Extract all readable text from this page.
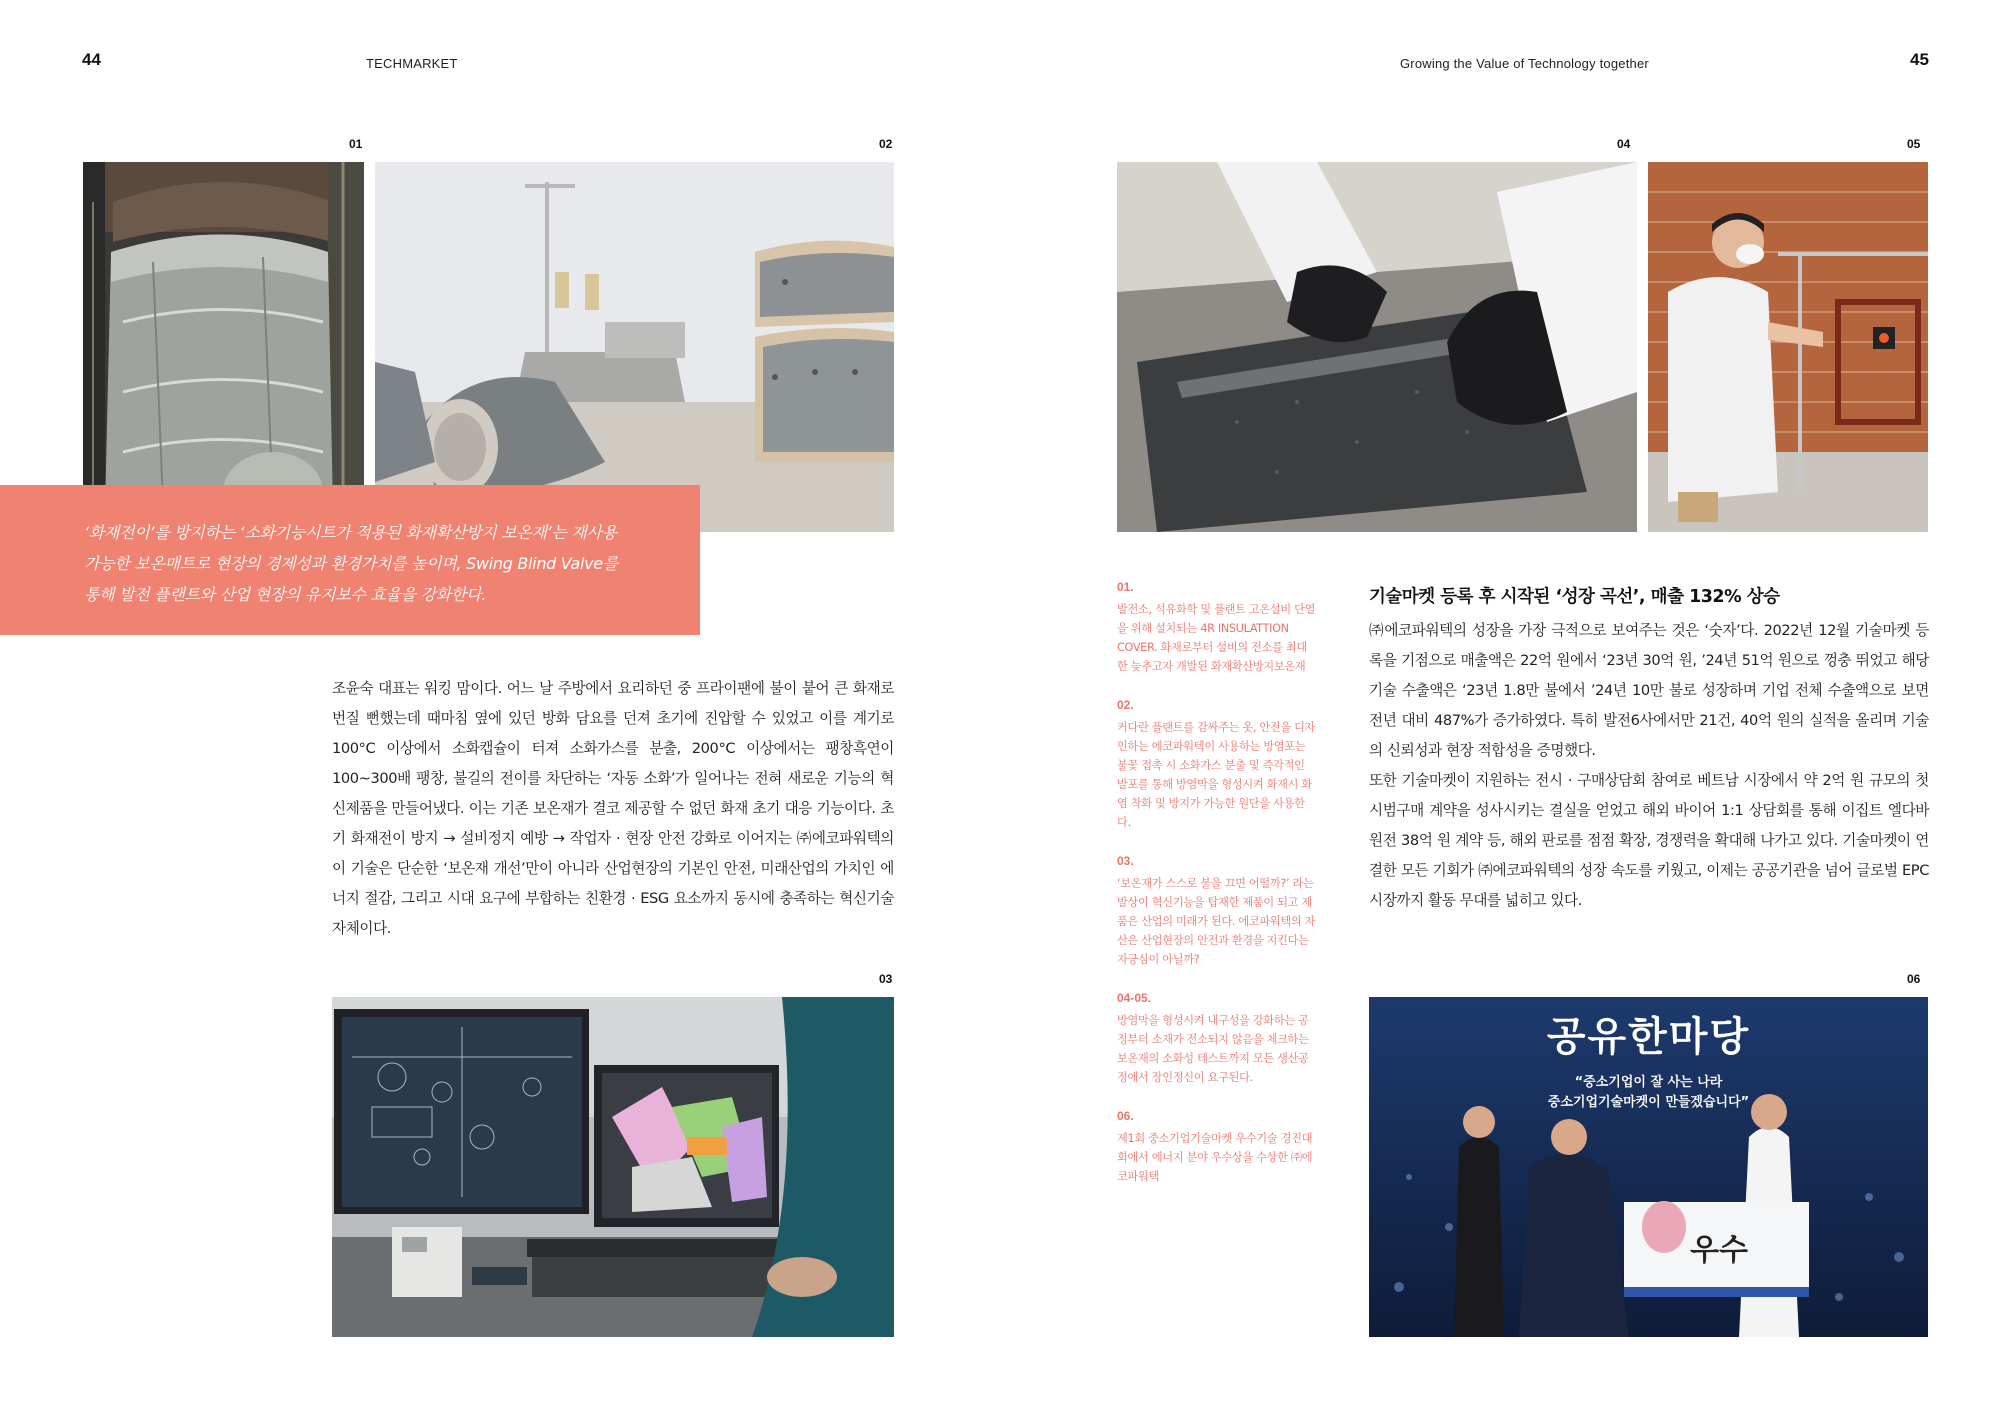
44	TECHMARKET	Growing the Value of Technology together	45
01	02

‘화재전이’를 방지하는 ‘소화기능시트가 적용된 화재확산방지 보온재’는 재사용

가능한 보온매트로 현장의 경제성과 환경가치를 높이며, Swing Blind Valve를

통해 발전 플랜트와 산업 현장의 유지보수 효율을 강화한다.

조윤숙 대표는 워킹 맘이다. 어느 날 주방에서 요리하던 중 프라이팬에 불이 붙어 큰 화재로 번질 뻔했는데 때마침 옆에 있던 방화 담요를 던져 초기에 진압할 수 있었고 이를 계기로 100°C 이상에서 소화캡슐이 터져 소화가스를 분출, 200°C 이상에서는 팽창흑연이 100~300배 팽창, 불길의 전이를 차단하는 ‘자동 소화’가 일어나는 전혀 새로운 기능의 혁신제품을 만들어냈다. 이는 기존 보온재가 결코 제공할 수 없던 화재 초기 대응 기능이다. 초기 화재전이 방지 → 설비정지 예방 → 작업자 · 현장 안전 강화로 이어지는 ㈜에코파워텍의 이 기술은 단순한 ‘보온재 개선’만이 아니라 산업현장의 기본인 안전, 미래산업의 가치인 에너지 절감, 그리고 시대 요구에 부합하는 친환경 · ESG 요소까지 동시에 충족하는 혁신기술 자체이다.

03
01.
발전소, 석유화학 및 플랜트 고온설비 단열을 위해 설치되는 4R INSULATTION COVER. 화재로부터 설비의 전소를 최대한 늦추고자 개발된 화재확산방지보온재
02.
커다란 플랜트를 감싸주는 옷, 안전을 디자인하는 에코파워텍이 사용하는 방염포는 불꽃 접촉 시 소화가스 분출 및 즉각적인 발포를 통해 방염막을 형성시켜 화재시 화염 착화 및 방지가 가능한 원단을 사용한다.
03.
‘보온재가 스스로 불을 끄면 어떨까?’ 라는 발상이 혁신기능을 탑재한 제품이 되고 제품은 산업의 미래가 된다. 에코파워텍의 자산은 산업현장의 안전과 환경을 지킨다는 자긍심이 아닐까?
04-05.
방염막을 형성시켜 내구성을 강화하는 공정부터 소재가 전소되지 않음을 체크하는 보온재의 소화성 테스트까지 모든 생산공정에서 장인정신이 요구된다.
06.
제1회 중소기업기술마켓 우수기술 경진대회에서 에너지 분야 우수상을 수상한 ㈜에코파워텍
04	05
기술마켓 등록 후 시작된 ‘성장 곡선’, 매출 132% 상승

㈜에코파워텍의 성장을 가장 극적으로 보여주는 것은 ‘숫자’다. 2022년 12월 기술마켓 등록을 기점으로 매출액은 22억 원에서 ‘23년 30억 원, ’24년 51억 원으로 껑충 뛰었고 해당기술 수출액은 ‘23년 1.8만 불에서 ’24년 10만 불로 성장하며 기업 전체 수출액으로 보면 전년 대비 487%가 증가하였다. 특히 발전6사에서만 21건, 40억 원의 실적을 올리며 기술의 신뢰성과 현장 적합성을 증명했다.

또한 기술마켓이 지원하는 전시 · 구매상담회 참여로 베트남 시장에서 약 2억 원 규모의 첫 시범구매 계약을 성사시키는 결실을 얻었고 해외 바이어 1:1 상담회를 통해 이집트 엘다바 원전 38억 원 계약 등, 해외 판로를 점점 확장, 경쟁력을 확대해 나가고 있다. 기술마켓이 연결한 모든 기회가 ㈜에코파워텍의 성장 속도를 키웠고, 이제는 공공기관을 넘어 글로벌 EPC시장까지 활동 무대를 넓히고 있다.

06
공유한마당
“중소기업이 잘 사는 나라
중소기업기술마켓이 만들겠습니다”
우수
